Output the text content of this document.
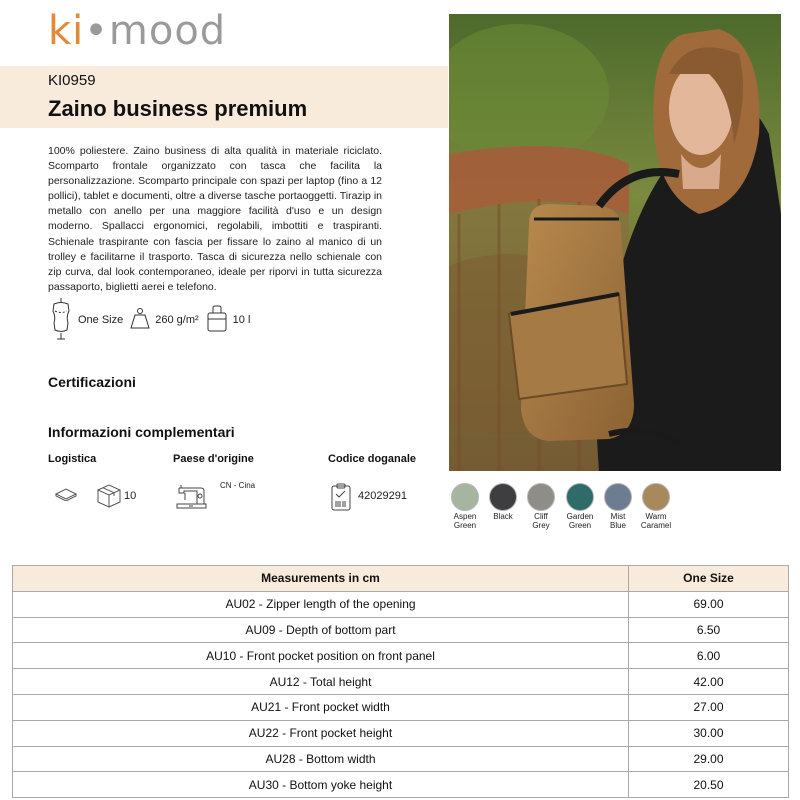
ki•mood
KI0959
Zaino business premium
100% poliestere. Zaino business di alta qualità in materiale riciclato. Scomparto frontale organizzato con tasca che facilita la personalizzazione. Scomparto principale con spazi per laptop (fino a 12 pollici), tablet e documenti, oltre a diverse tasche portaoggetti. Tirazip in metallo con anello per una maggiore facilità d'uso e un design moderno. Spallacci ergonomici, regolabili, imbottiti e traspiranti. Schienale traspirante con fascia per fissare lo zaino al manico di un trolley e facilitarne il trasporto. Tasca di sicurezza nello schienale con zip curva, dal look contemporaneo, ideale per riporvi in tutta sicurezza passaporto, biglietti aerei e telefono.
One Size	260 g/m²	10 l
Certificazioni
Informazioni complementari
Logistica	Paese d'origine	Codice doganale
10
CN - Cina
42029291
Aspen
Green
Black	Cliff
Grey
Garden
Green
Mist
Blue
Warm
Caramel
Measurements in cm	One Size
AU02 - Zipper length of the opening	69.00
AU09 - Depth of bottom part	6.50
AU10 - Front pocket position on front panel	6.00
AU12 - Total height	42.00
AU21 - Front pocket width	27.00
AU22 - Front pocket height	30.00
AU28 - Bottom width	29.00
AU30 - Bottom yoke height	20.50
